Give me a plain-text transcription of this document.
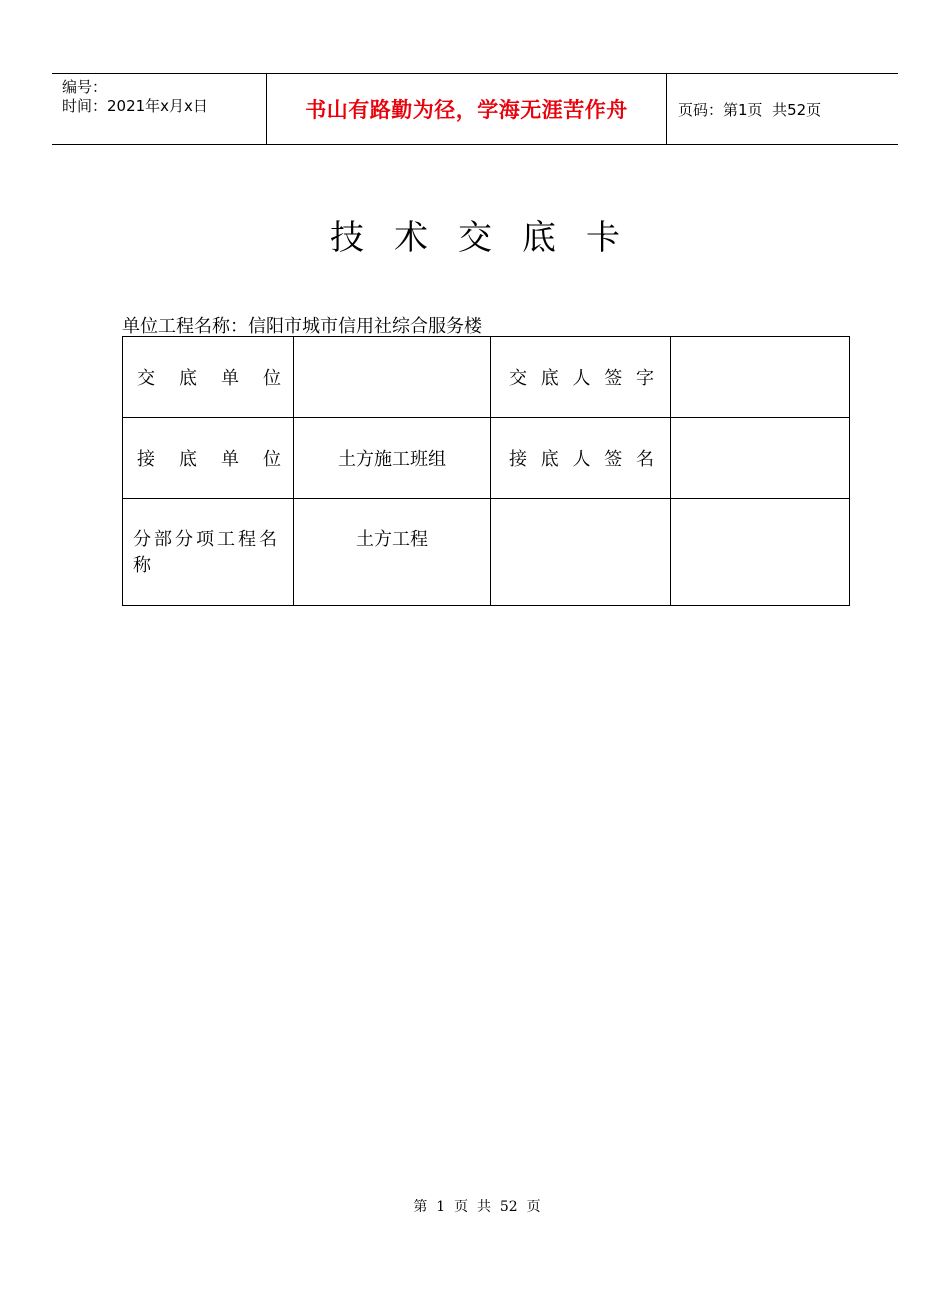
编号：
时间：2021年x月x日	书山有路勤为径，学海无涯苦作舟	页码：第1页  共52页
技 术 交 底 卡
单位工程名称：信阳市城市信用社综合服务楼
交 底 单 位		交 底 人 签 字	

接 底 单 位	土方施工班组	接 底 人 签 名	

分部分项工程名称	土方工程		

第  1  页  共  52  页
